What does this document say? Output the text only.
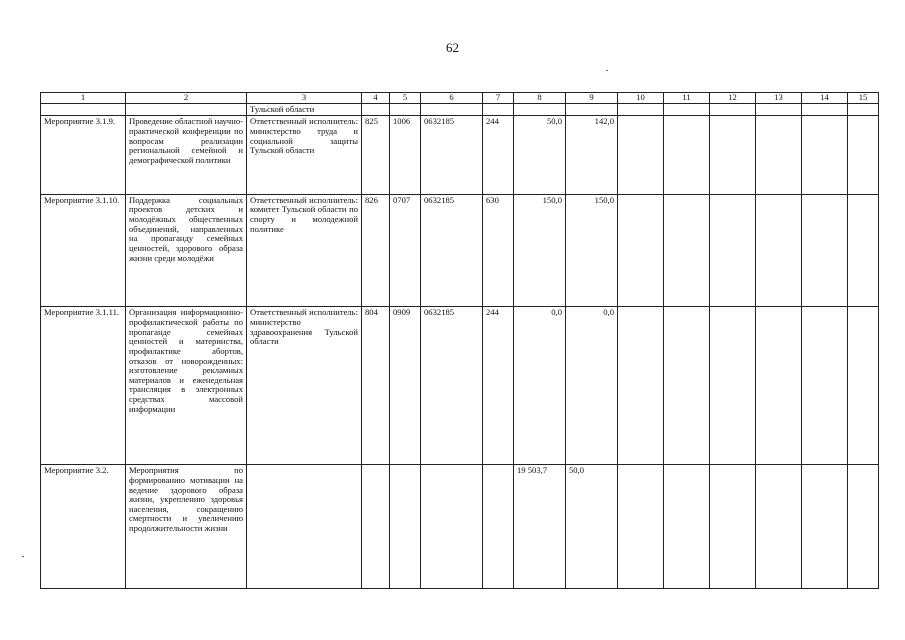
62
1	2	3	4	5	6	7	8	9	10	11	12	13	14	15
		Тульской области												
Мероприятие 3.1.9.	Проведение областной научно-практической конференции по вопросам реализации региональной семейной и демографической политики	Ответственный исполнитель: министерство труда и социальной защиты Тульской области	825	1006	0632185	244	50,0	142,0						
Мероприятие 3.1.10.	Поддержка социальных проектов детских и молодёжных общественных объединений, направленных на пропаганду семейных ценностей, здорового образа жизни среди молодёжи	Ответственный исполнитель: комитет Тульской области по спорту и молодежной политике	826	0707	0632185	630	150,0	150,0						
Мероприятие 3.1.11.	Организация информационно-профилактической работы по пропаганде семейных ценностей и материнства, профилактике абортов, отказов от новорожденных: изготовление рекламных материалов и еженедельная трансляция в электронных средствах массовой информации	Ответственный исполнитель: министерство здравоохранения Тульской области	804	0909	0632185	244	0,0	0,0						
Мероприятие 3.2.	Мероприятия по формированию мотивации на ведение здорового образа жизни, укреплению здоровья населения, сокращению смертности и увеличению продолжительности жизни						19 503,7	50,0						
